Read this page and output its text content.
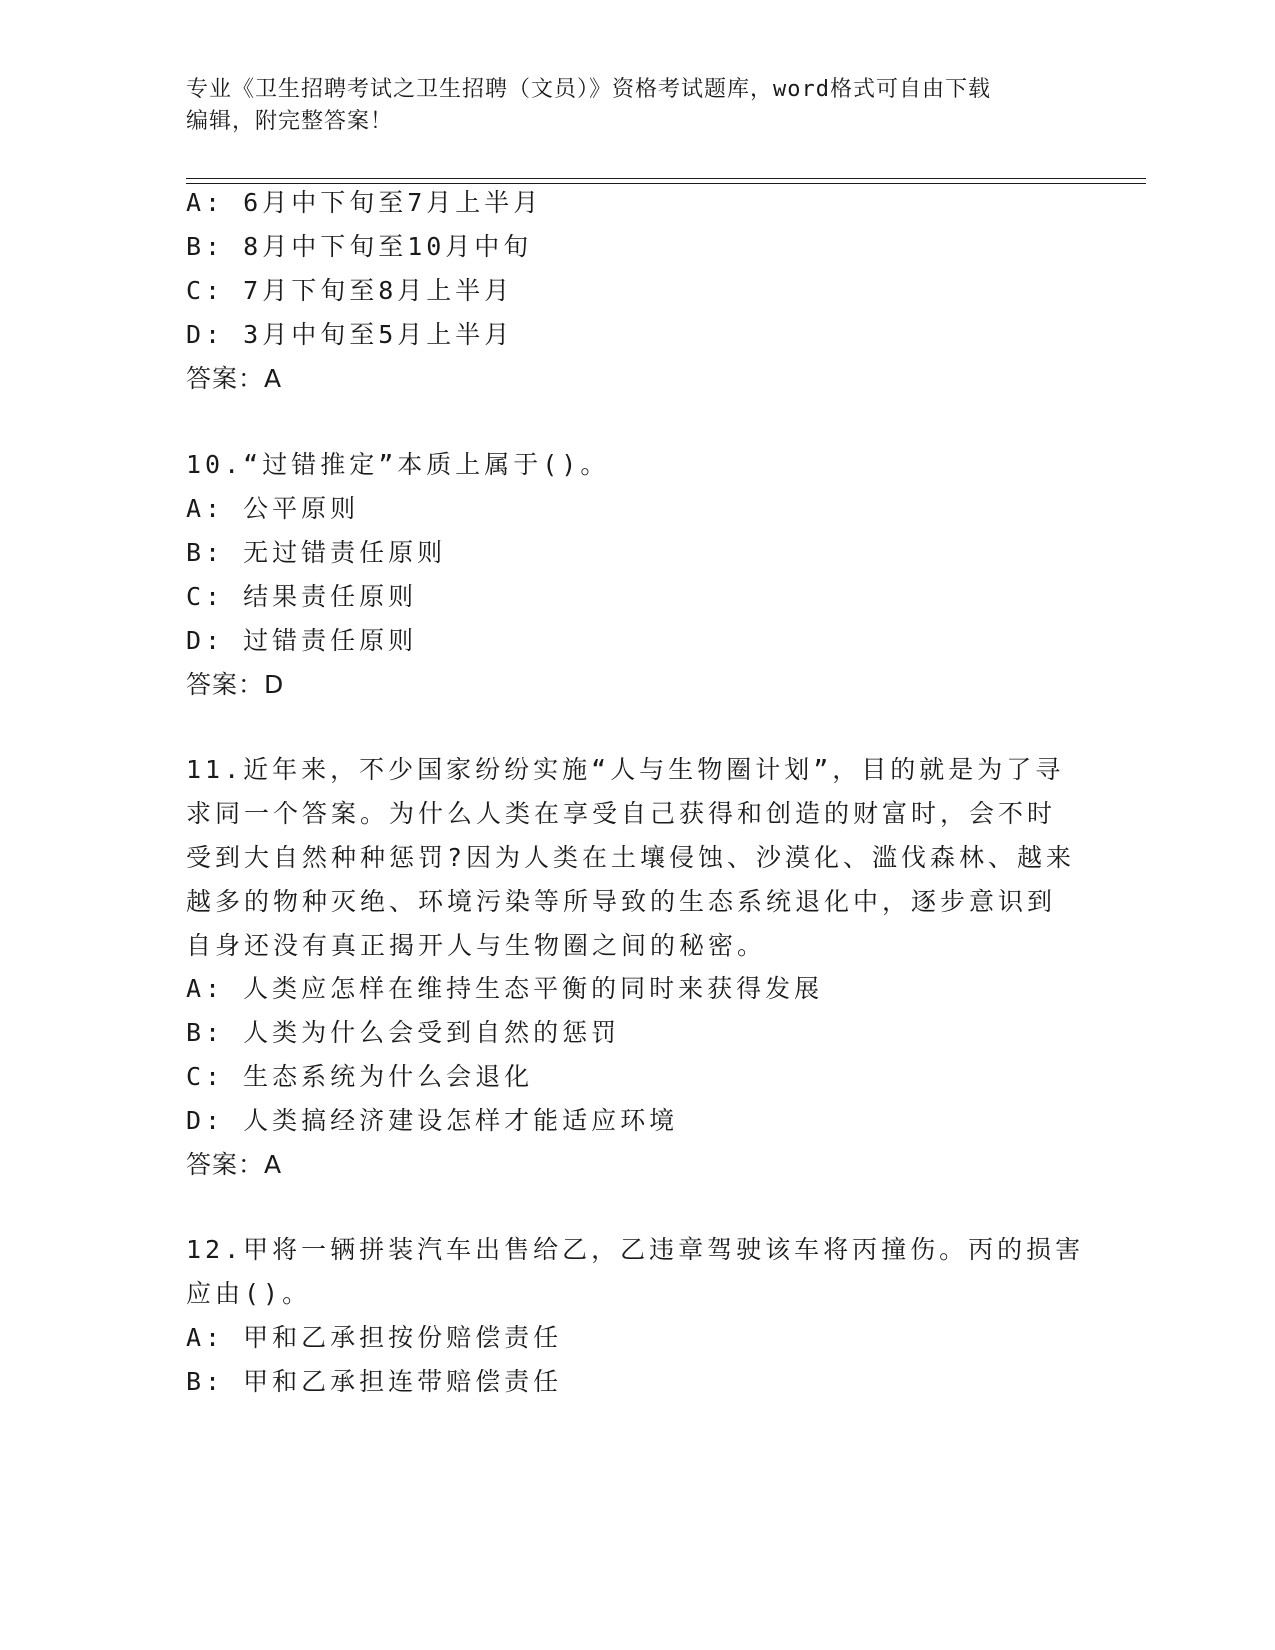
专业《卫生招聘考试之卫生招聘（文员）》资格考试题库，word格式可自由下载
编辑，附完整答案！
A: 6月中下旬至7月上半月
B: 8月中下旬至10月中旬
C: 7月下旬至8月上半月
D: 3月中旬至5月上半月
答案：A
10.“过错推定”本质上属于()。
A: 公平原则
B: 无过错责任原则
C: 结果责任原则
D: 过错责任原则
答案：D
11.近年来，不少国家纷纷实施“人与生物圈计划”，目的就是为了寻
求同一个答案。为什么人类在享受自己获得和创造的财富时，会不时
受到大自然种种惩罚?因为人类在土壤侵蚀、沙漠化、滥伐森林、越来
越多的物种灭绝、环境污染等所导致的生态系统退化中，逐步意识到
自身还没有真正揭开人与生物圈之间的秘密。
A: 人类应怎样在维持生态平衡的同时来获得发展
B: 人类为什么会受到自然的惩罚
C: 生态系统为什么会退化
D: 人类搞经济建设怎样才能适应环境
答案：A
12.甲将一辆拼装汽车出售给乙，乙违章驾驶该车将丙撞伤。丙的损害
应由()。
A: 甲和乙承担按份赔偿责任
B: 甲和乙承担连带赔偿责任
